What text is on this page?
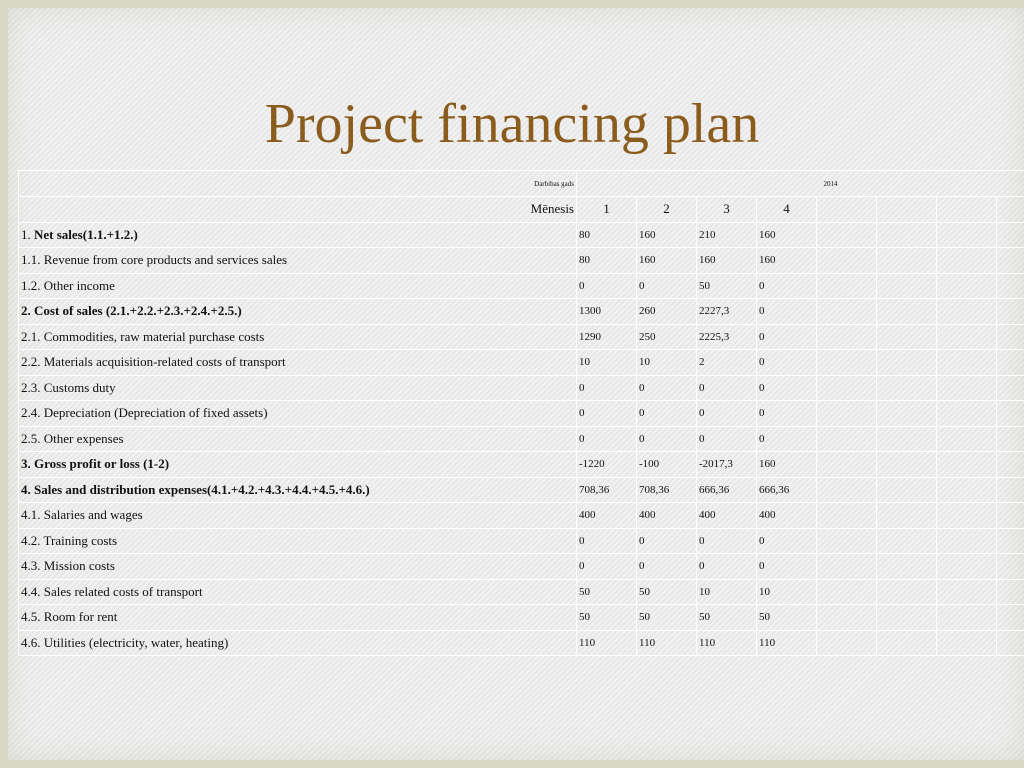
Project financing plan
Darbibas gads	2014									
Mēnesis	1	2	3	4						
1. Net sales(1.1.+1.2.)	80	160	210	160						
1.1. Revenue from core products and services sales	80	160	160	160						
1.2. Other income	0	0	50	0						
2. Cost of sales (2.1.+2.2.+2.3.+2.4.+2.5.)	1300	260	2227,3	0						
2.1. Commodities, raw material purchase costs	1290	250	2225,3	0						
2.2. Materials acquisition-related costs of transport	10	10	2	0						
2.3. Customs duty	0	0	0	0						
2.4. Depreciation (Depreciation of fixed assets)	0	0	0	0						
2.5. Other expenses	0	0	0	0						
3. Gross profit or loss (1-2)	-1220	-100	-2017,3	160						
4. Sales and distribution expenses(4.1.+4.2.+4.3.+4.4.+4.5.+4.6.)	708,36	708,36	666,36	666,36						
4.1. Salaries and wages	400	400	400	400						
4.2. Training costs	0	0	0	0						
4.3. Mission costs	0	0	0	0						
4.4. Sales related costs of transport	50	50	10	10						
4.5. Room for rent	50	50	50	50						
4.6. Utilities (electricity, water, heating)	110	110	110	110						
